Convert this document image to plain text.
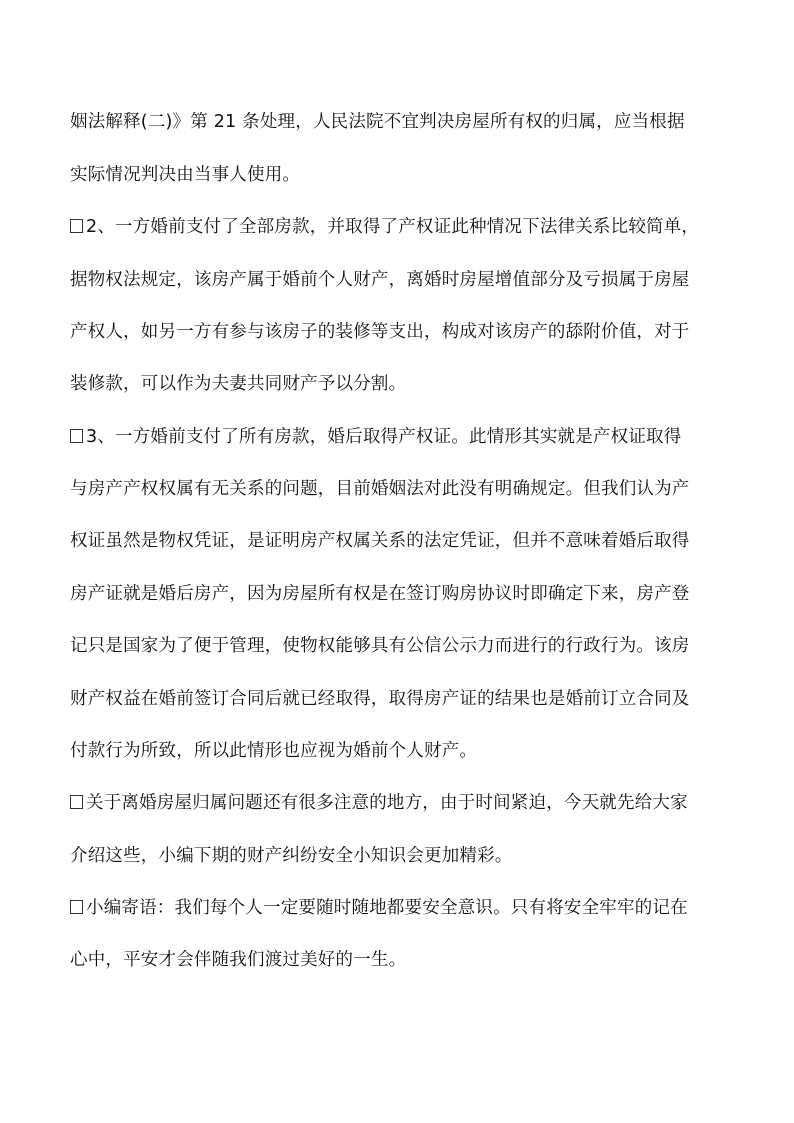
姻法解释(二)》第 21 条处理，人民法院不宜判决房屋所有权的归属，应当根据
实际情况判决由当事人使用。
2、一方婚前支付了全部房款，并取得了产权证此种情况下法律关系比较简单，
据物权法规定，该房产属于婚前个人财产，离婚时房屋增值部分及亏损属于房屋
产权人，如另一方有参与该房子的装修等支出，构成对该房产的舔附价值，对于
装修款，可以作为夫妻共同财产予以分割。
3、一方婚前支付了所有房款，婚后取得产权证。此情形其实就是产权证取得
与房产产权权属有无关系的问题，目前婚姻法对此没有明确规定。但我们认为产
权证虽然是物权凭证，是证明房产权属关系的法定凭证，但并不意味着婚后取得
房产证就是婚后房产，因为房屋所有权是在签订购房协议时即确定下来，房产登
记只是国家为了便于管理，使物权能够具有公信公示力而进行的行政行为。该房
财产权益在婚前签订合同后就已经取得，取得房产证的结果也是婚前订立合同及
付款行为所致，所以此情形也应视为婚前个人财产。
关于离婚房屋归属问题还有很多注意的地方，由于时间紧迫，今天就先给大家
介绍这些，小编下期的财产纠纷安全小知识会更加精彩。
小编寄语：我们每个人一定要随时随地都要安全意识。只有将安全牢牢的记在
心中，平安才会伴随我们渡过美好的一生。
